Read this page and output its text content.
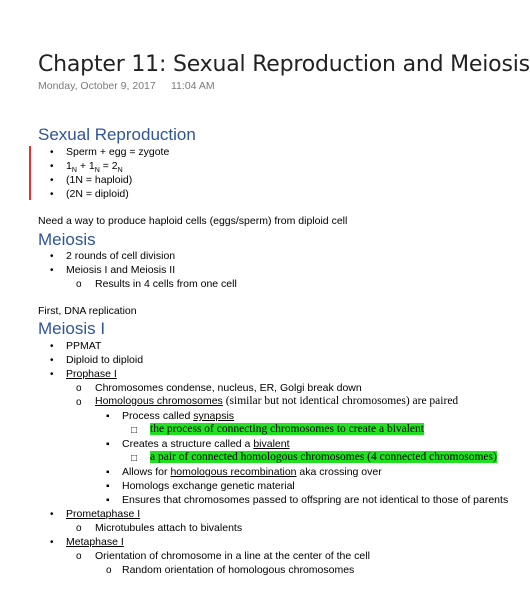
Chapter 11: Sexual Reproduction and Meiosis
Monday, October 9, 2017 11:04 AM
Sexual Reproduction
• Sperm + egg = zygote
• $1_N + 1_N = 2_N$
• (1N = haploid)
• (2N = diploid)
Need a way to produce haploid cells (eggs/sperm) from diploid cell
Meiosis
• 2 rounds of cell division
• Meiosis I and Meiosis II
o Results in 4 cells from one cell
First, DNA replication
Meiosis I
• PPMAT
• Diploid to diploid
• Prophase I
o Chromosomes condense, nucleus, ER, Golgi break down
o Homologous chromosomes (similar but not identical chromosomes) are paired
▪ Process called synapsis
□ the process of connecting chromosomes to create a bivalent
▪ Creates a structure called a bivalent
□ a pair of connected homologous chromosomes (4 connected chromosomes)
▪ Allows for homologous recombination aka crossing over
▪ Homologs exchange genetic material
▪ Ensures that chromosomes passed to offspring are not identical to those of parents
• Prometaphase I
o Microtubules attach to bivalents
• Metaphase I
o Orientation of chromosome in a line at the center of the cell
o Random orientation of homologous chromosomes
